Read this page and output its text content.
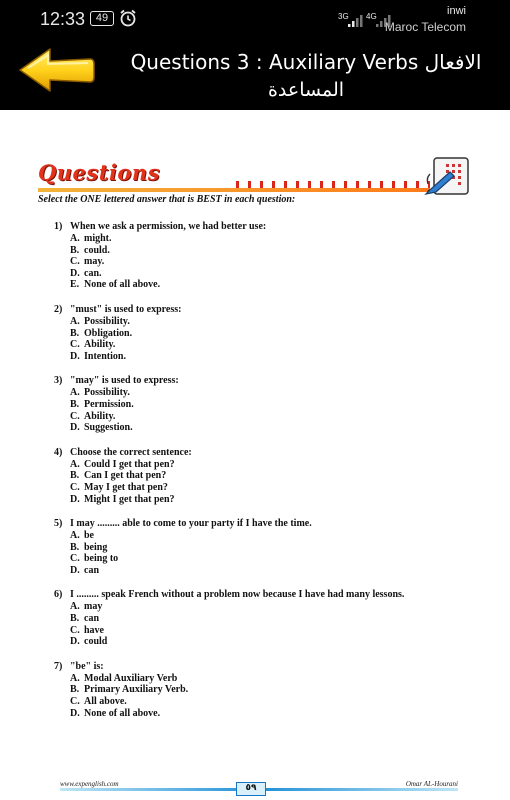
12:33 49	3G 4G	inwi
Maroc Telecom
Questions 3 : Auxiliary Verbs الافعال
المساعدة
Questions
Select the ONE lettered answer that is BEST in each question:
1) When we ask a permission, we had better use:
A. might.
B. could.
C. may.
D. can.
E. None of all above.
2) "must" is used to express:
A. Possibility.
B. Obligation.
C. Ability.
D. Intention.
3) "may" is used to express:
A. Possibility.
B. Permission.
C. Ability.
D. Suggestion.
4) Choose the correct sentence:
A. Could I get that pen?
B. Can I get that pen?
C. May I get that pen?
D. Might I get that pen?
5) I may ......... able to come to your party if I have the time.
A. be
B. being
C. being to
D. can
6) I ......... speak French without a problem now because I have had many lessons.
A. may
B. can
C. have
D. could
7) "be" is:
A. Modal Auxiliary Verb
B. Primary Auxiliary Verb.
C. All above.
D. None of all above.
www.expenglish.com	٥٩	Omar AL-Hourani
